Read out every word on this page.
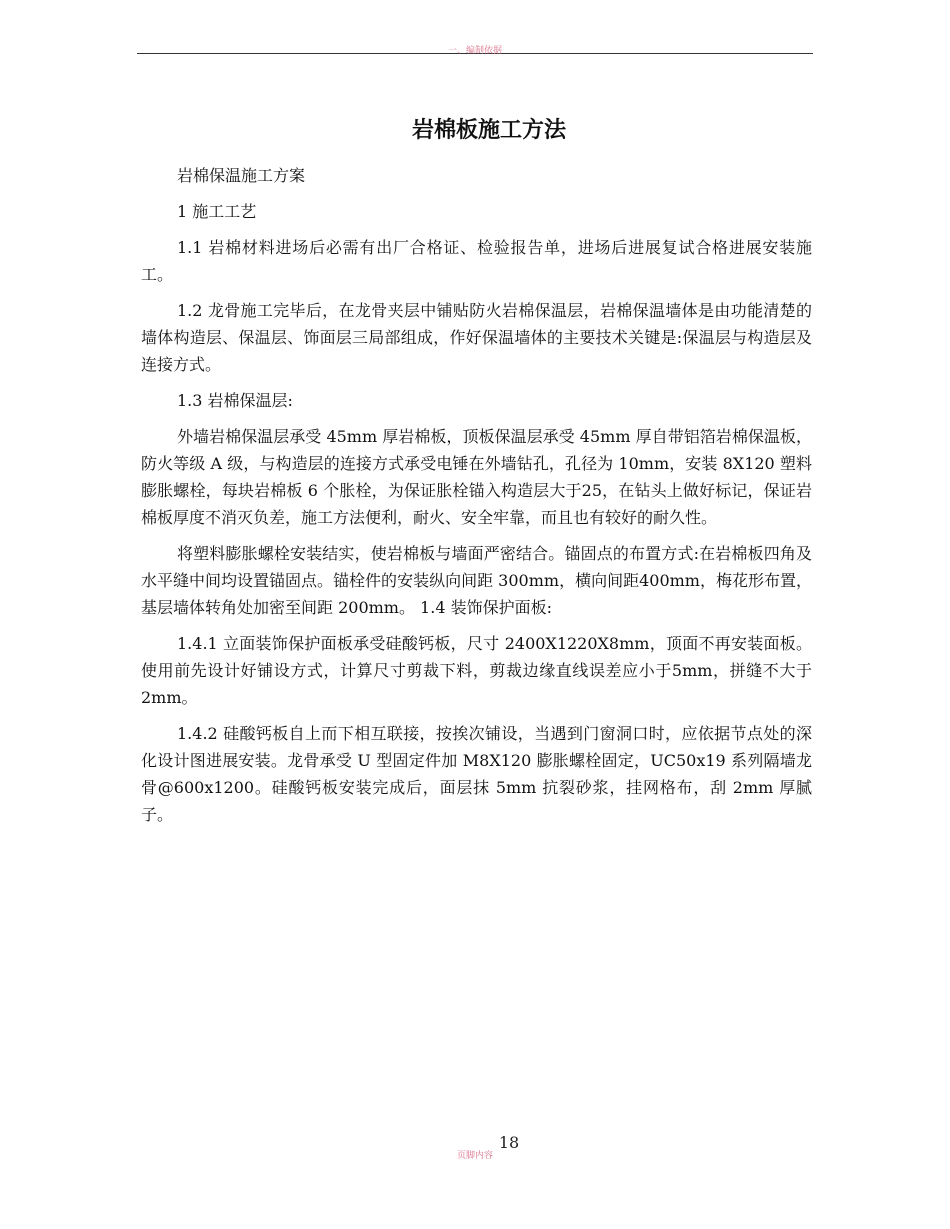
一、编制依据
岩棉板施工方法

岩棉保温施工方案

1 施工工艺

1.1 岩棉材料进场后必需有出厂合格证、检验报告单，进场后进展复试合格进展安装施工。

1.2 龙骨施工完毕后，在龙骨夹层中铺贴防火岩棉保温层，岩棉保温墙体是由功能清楚的墙体构造层、保温层、饰面层三局部组成，作好保温墙体的主要技术关键是:保温层与构造层及连接方式。

1.3 岩棉保温层:

外墙岩棉保温层承受 45mm 厚岩棉板，顶板保温层承受 45mm 厚自带铝箔岩棉保温板，防火等级 A 级，与构造层的连接方式承受电锤在外墙钻孔，孔径为 10mm，安装 8X120 塑料膨胀螺栓，每块岩棉板 6 个胀栓，为保证胀栓锚入构造层大于25，在钻头上做好标记，保证岩棉板厚度不消灭负差，施工方法便利，耐火、安全牢靠，而且也有较好的耐久性。

将塑料膨胀螺栓安装结实，使岩棉板与墙面严密结合。锚固点的布置方式:在岩棉板四角及水平缝中间均设置锚固点。锚栓件的安装纵向间距 300mm，横向间距400mm，梅花形布置，基层墙体转角处加密至间距 200mm。 1.4 装饰保护面板:

1.4.1 立面装饰保护面板承受硅酸钙板，尺寸 2400X1220X8mm，顶面不再安装面板。使用前先设计好铺设方式，计算尺寸剪裁下料，剪裁边缘直线误差应小于5mm，拼缝不大于 2mm。

1.4.2 硅酸钙板自上而下相互联接，按挨次铺设，当遇到门窗洞口时，应依据节点处的深化设计图进展安装。龙骨承受 U 型固定件加 M8X120 膨胀螺栓固定，UC50x19 系列隔墙龙骨@600x1200。硅酸钙板安装完成后，面层抹 5mm 抗裂砂浆，挂网格布，刮 2mm 厚腻子。

18
页脚内容
